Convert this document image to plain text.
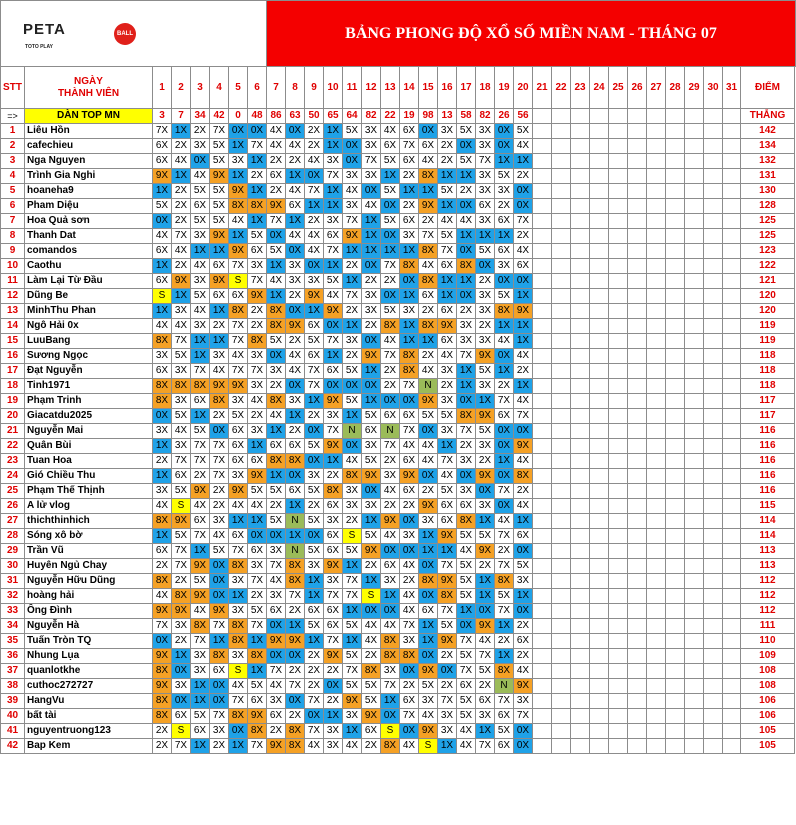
PETA BALL
TOTO PLAY								BẢNG PHONG ĐỘ XỔ SỐ MIỀN NAM - THÁNG 07																									
STT	NGÀY
THÀNH VIÊN	1	2	3	4	5	6	7	8	9	10	11	12	13	14	15	16	17	18	19	20	21	22	23	24	25	26	27	28	29	30	31	ĐIỂM
=>	DÀN TOP MN	3	7	34	42	0	48	86	63	50	65	64	82	22	19	98	13	58	82	26	56												THẮNG
1	Liêu Hồn	7X	1X	2X	7X	0X	0X	4X	0X	2X	1X	5X	3X	4X	6X	0X	3X	5X	3X	0X	5X												142
2	cafechieu	6X	2X	3X	5X	1X	7X	4X	4X	2X	1X	0X	3X	6X	7X	6X	2X	0X	3X	0X	4X												134
3	Nga Nguyen	6X	4X	0X	5X	3X	1X	2X	2X	4X	3X	0X	7X	5X	6X	4X	2X	5X	7X	1X	1X												132
4	Trình Gia Nghi	9X	1X	4X	9X	1X	2X	6X	1X	0X	7X	3X	3X	1X	2X	8X	1X	1X	3X	5X	2X												131
5	hoaneha9	1X	2X	5X	5X	9X	1X	2X	4X	7X	1X	4X	0X	5X	1X	1X	5X	2X	3X	3X	0X												130
6	Pham Diệu	5X	2X	6X	5X	8X	8X	9X	6X	1X	1X	3X	4X	0X	2X	9X	1X	0X	6X	2X	0X												128
7	Hoa Quả sơn	0X	2X	5X	5X	4X	1X	7X	1X	2X	3X	7X	1X	5X	6X	2X	4X	4X	3X	6X	7X												125
8	Thanh Dat	4X	7X	3X	9X	1X	5X	0X	4X	4X	6X	9X	1X	0X	3X	7X	5X	1X	1X	1X	2X												125
9	comandos	6X	4X	1X	1X	9X	6X	5X	0X	4X	7X	1X	1X	1X	1X	8X	7X	0X	5X	6X	4X												123
10	Caothu	1X	2X	4X	6X	7X	3X	1X	3X	0X	1X	2X	0X	7X	8X	4X	6X	8X	0X	3X	6X												122
11	Làm Lại Từ Đầu	6X	9X	3X	9X	S	7X	4X	3X	3X	5X	1X	2X	2X	0X	8X	1X	1X	2X	0X	0X												121
12	Dũng Be	S	1X	5X	6X	6X	9X	1X	2X	9X	4X	7X	3X	0X	1X	6X	1X	0X	3X	5X	1X												120
13	MinhThu Phan	1X	3X	4X	1X	8X	2X	8X	0X	1X	9X	2X	3X	5X	3X	2X	6X	2X	3X	8X	9X												120
14	Ngô Hải 0x	4X	4X	3X	2X	7X	2X	8X	9X	6X	0X	1X	2X	8X	1X	8X	9X	3X	2X	1X	1X												119
15	LuuBang	8X	7X	1X	1X	7X	8X	5X	2X	5X	7X	3X	0X	4X	1X	1X	6X	3X	3X	4X	1X												119
16	Sương Ngọc	3X	5X	1X	3X	4X	3X	0X	4X	6X	1X	2X	9X	7X	8X	2X	4X	7X	9X	0X	4X												118
17	Đạt Nguyễn	6X	3X	7X	4X	7X	7X	3X	4X	7X	6X	5X	1X	2X	8X	4X	3X	1X	5X	1X	2X												118
18	Tinh1971	8X	8X	8X	9X	9X	3X	2X	0X	7X	0X	0X	0X	2X	7X	N	2X	1X	3X	2X	1X												118
19	Phạm Trinh	8X	3X	6X	8X	3X	4X	8X	3X	1X	9X	5X	1X	0X	0X	9X	3X	0X	1X	7X	4X												117
20	Giacatdu2025	0X	5X	1X	2X	5X	2X	4X	1X	2X	3X	1X	5X	6X	6X	5X	5X	8X	9X	6X	7X												117
21	Nguyễn Mai	3X	4X	5X	0X	6X	3X	1X	2X	0X	7X	N	6X	N	7X	0X	3X	7X	5X	0X	0X												116
22	Quân Bùi	1X	3X	7X	7X	6X	1X	6X	6X	5X	9X	0X	3X	7X	4X	4X	1X	2X	3X	0X	9X												116
23	Tuan Hoa	2X	7X	7X	7X	6X	6X	8X	8X	0X	1X	4X	5X	2X	6X	4X	7X	3X	2X	1X	4X												116
24	Gió Chiều Thu	1X	6X	2X	7X	3X	9X	1X	0X	3X	2X	8X	9X	3X	9X	0X	4X	0X	9X	0X	8X												116
25	Phạm Thế Thịnh	3X	5X	9X	2X	9X	5X	5X	6X	5X	8X	3X	0X	4X	6X	2X	5X	3X	0X	7X	2X												116
26	A lử vlog	4X	S	4X	2X	4X	4X	2X	1X	2X	6X	3X	3X	2X	2X	9X	6X	6X	3X	0X	4X												115
27	thichthinhich	8X	9X	6X	3X	1X	1X	5X	N	5X	3X	2X	1X	9X	0X	3X	6X	8X	1X	4X	1X												114
28	Sóng xô bờ	1X	5X	7X	4X	6X	0X	0X	1X	0X	6X	S	5X	4X	3X	1X	9X	5X	5X	7X	6X												114
29	Trần Vũ	6X	7X	1X	5X	7X	6X	3X	N	5X	6X	5X	9X	0X	0X	1X	1X	4X	9X	2X	0X												113
30	Huyên Ngủ Chay	2X	7X	9X	0X	8X	3X	7X	8X	3X	9X	1X	2X	6X	4X	0X	7X	5X	2X	7X	5X												113
31	Nguyễn Hữu Dũng	8X	2X	5X	0X	3X	7X	4X	8X	1X	3X	7X	1X	3X	2X	8X	9X	5X	1X	8X	3X												112
32	hoàng hải	4X	8X	9X	0X	1X	2X	3X	7X	1X	7X	7X	S	1X	4X	0X	8X	5X	1X	5X	1X												112
33	Ông Đình	9X	9X	4X	9X	3X	5X	6X	2X	6X	6X	1X	0X	0X	4X	6X	7X	1X	0X	7X	0X												112
34	Nguyễn Hà	7X	3X	8X	7X	8X	7X	0X	1X	5X	6X	5X	4X	4X	7X	1X	5X	0X	9X	1X	2X												111
35	Tuấn Tròn TQ	0X	2X	7X	1X	8X	1X	9X	9X	1X	7X	1X	4X	8X	3X	1X	9X	7X	4X	2X	6X												110
36	Nhung Lụa	9X	1X	3X	8X	3X	8X	0X	0X	2X	9X	5X	2X	8X	8X	0X	2X	5X	7X	1X	2X												109
37	quanlotkhe	8X	0X	3X	6X	S	1X	7X	2X	2X	2X	7X	8X	3X	0X	9X	0X	7X	5X	8X	4X												108
38	cuthoc272727	9X	3X	1X	0X	4X	5X	4X	7X	2X	0X	5X	5X	7X	2X	5X	2X	6X	2X	N	9X												108
39	HangVu	8X	0X	1X	0X	7X	6X	3X	0X	7X	2X	9X	5X	1X	6X	3X	7X	5X	6X	7X	3X												106
40	bất tài	8X	6X	5X	7X	8X	9X	6X	2X	0X	1X	3X	9X	0X	7X	4X	3X	5X	3X	6X	7X												106
41	nguyentruong123	2X	S	6X	3X	0X	8X	2X	8X	7X	3X	1X	6X	S	0X	9X	3X	4X	1X	5X	0X												105
42	Bap Kem	2X	7X	1X	2X	1X	7X	9X	8X	4X	3X	4X	2X	8X	4X	S	1X	4X	7X	6X	0X												105
